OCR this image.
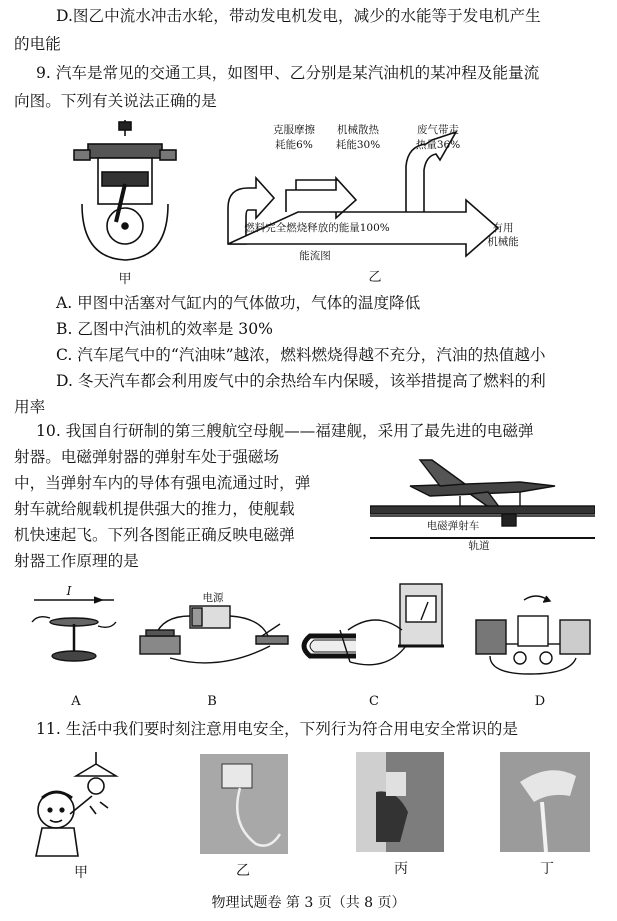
D.图乙中流水冲击水轮，带动发电机发电，减少的水能等于发电机产生
的电能
9. 汽车是常见的交通工具，如图甲、乙分别是某汽油机的某冲程及能量流
向图。下列有关说法正确的是
甲
克服摩擦
耗能6%
机械散热
耗能30%
废气带走
热量36%
燃料完全燃烧释放的能量100%	有用
机械能
能流图
乙
A. 甲图中活塞对气缸内的气体做功，气体的温度降低
B. 乙图中汽油机的效率是 30%
C. 汽车尾气中的“汽油味”越浓，燃料燃烧得越不充分，汽油的热值越小
D. 冬天汽车都会利用废气中的余热给车内保暖，该举措提高了燃料的利
用率
10. 我国自行研制的第三艘航空母舰——福建舰，采用了最先进的电磁弹
射器。电磁弹射器的弹射车处于强磁场
中，当弹射车内的导体有强电流通过时，弹
射车就给舰载机提供强大的推力，使舰载
机快速起飞。下列各图能正确反映电磁弹
射器工作原理的是
电磁弹射车
轨道
I	电源
A	B	C	D
11. 生活中我们要时刻注意用电安全，下列行为符合用电安全常识的是
甲	乙	丙	丁
物理试题卷 第 3 页（共 8 页）
